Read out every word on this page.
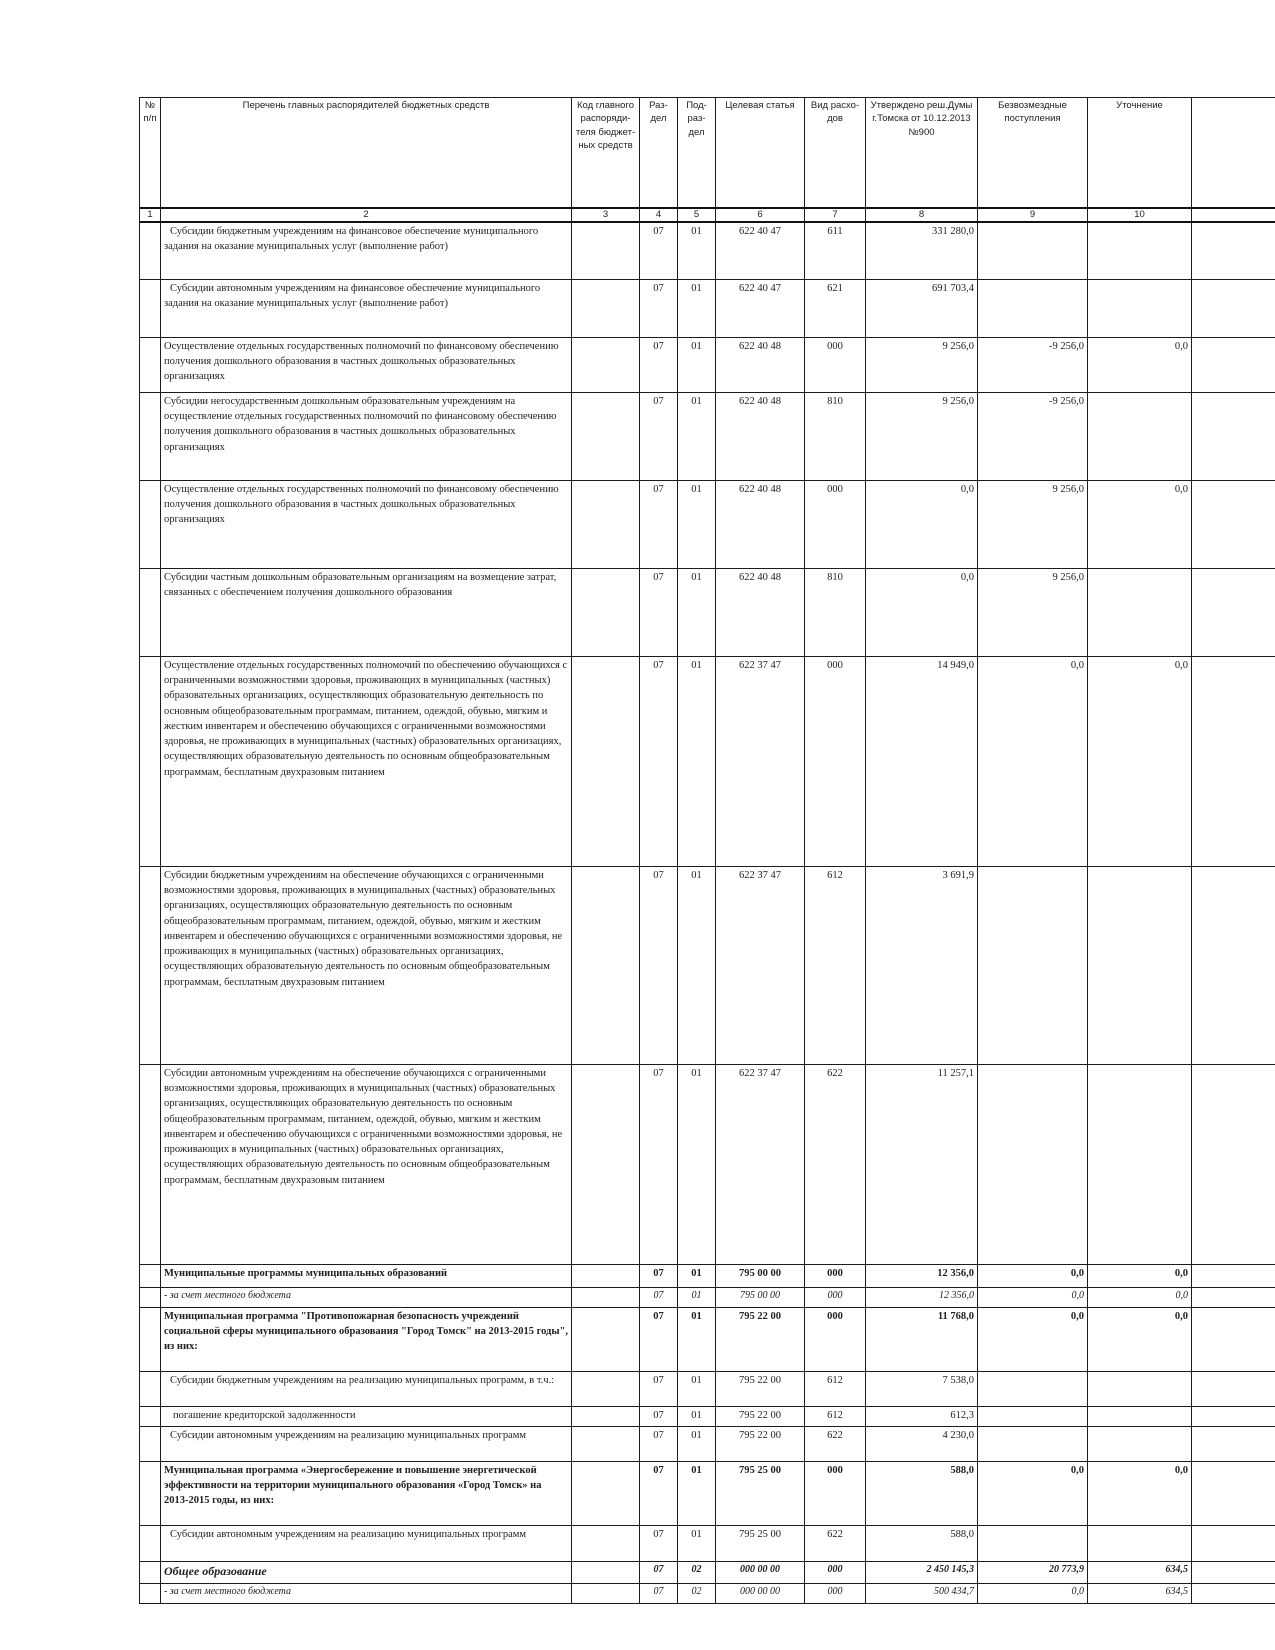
№ п/п	Перечень главных распорядителей бюджетных средств	Код главного распоряди-теля бюджет-ных средств	Раз-дел	Под-раз-дел	Целевая статья	Вид расхо-дов	Утверждено реш.Думы г.Томска от 10.12.2013 №900	Безвозмездные поступления	Уточнение	
1	2	3	4	5	6	7	8	9	10	
	Субсидии бюджетным учреждениям на финансовое обеспечение муниципального задания на оказание муниципальных услуг (выполнение работ)		07	01	622 40 47	611	331 280,0			
	Субсидии автономным учреждениям на финансовое обеспечение муниципального задания на оказание муниципальных услуг (выполнение работ)		07	01	622 40 47	621	691 703,4			
	Осуществление отдельных государственных полномочий по финансовому обеспечению получения дошкольного образования в частных дошкольных образовательных организациях		07	01	622 40 48	000	9 256,0	-9 256,0	0,0	
	Субсидии негосударственным дошкольным образовательным учреждениям на осуществление отдельных государственных полномочий по финансовому обеспечению получения дошкольного образования в частных дошкольных образовательных организациях		07	01	622 40 48	810	9 256,0	-9 256,0		
	Осуществление отдельных государственных полномочий по финансовому обеспечению получения дошкольного образования в частных дошкольных образовательных организациях		07	01	622 40 48	000	0,0	9 256,0	0,0	
	Субсидии частным дошкольным образовательным организациям на возмещение затрат, связанных с обеспечением получения дошкольного образования		07	01	622 40 48	810	0,0	9 256,0		
	Осуществление отдельных государственных полномочий по обеспечению обучающихся с ограниченными возможностями здоровья, проживающих в муниципальных (частных) образовательных организациях, осуществляющих образовательную деятельность по основным общеобразовательным программам, питанием, одеждой, обувью, мягким и жестким инвентарем и обеспечению обучающихся с ограниченными возможностями здоровья, не проживающих в муниципальных (частных) образовательных организациях, осуществляющих образовательную деятельность по основным общеобразовательным программам, бесплатным двухразовым питанием		07	01	622 37 47	000	14 949,0	0,0	0,0	
	Субсидии бюджетным учреждениям на обеспечение обучающихся с ограниченными возможностями здоровья, проживающих в муниципальных (частных) образовательных организациях, осуществляющих образовательную деятельность по основным общеобразовательным программам, питанием, одеждой, обувью, мягким и жестким инвентарем и обеспечению обучающихся с ограниченными возможностями здоровья, не проживающих в муниципальных (частных) образовательных организациях, осуществляющих образовательную деятельность по основным общеобразовательным программам, бесплатным двухразовым питанием		07	01	622 37 47	612	3 691,9			
	Субсидии автономным учреждениям на обеспечение обучающихся с ограниченными возможностями здоровья, проживающих в муниципальных (частных) образовательных организациях, осуществляющих образовательную деятельность по основным общеобразовательным программам, питанием, одеждой, обувью, мягким и жестким инвентарем и обеспечению обучающихся с ограниченными возможностями здоровья, не проживающих в муниципальных (частных) образовательных организациях, осуществляющих образовательную деятельность по основным общеобразовательным программам, бесплатным двухразовым питанием		07	01	622 37 47	622	11 257,1			
	Муниципальные программы муниципальных образований		07	01	795 00 00	000	12 356,0	0,0	0,0	
	- за счет местного бюджета		07	01	795 00 00	000	12 356,0	0,0	0,0	
	Муниципальная программа "Противопожарная безопасность учреждений социальной сферы муниципального образования "Город Томск" на 2013-2015 годы", из них:		07	01	795 22 00	000	11 768,0	0,0	0,0	
	Субсидии бюджетным учреждениям на реализацию муниципальных программ, в т.ч.:		07	01	795 22 00	612	7 538,0			
	погашение кредиторской задолженности		07	01	795 22 00	612	612,3			
	Субсидии автономным учреждениям на реализацию муниципальных программ		07	01	795 22 00	622	4 230,0			
	Муниципальная программа «Энергосбережение и повышение энергетической эффективности на территории муниципального образования «Город Томск» на 2013-2015 годы, из них:		07	01	795 25 00	000	588,0	0,0	0,0	
	Субсидии автономным учреждениям на реализацию муниципальных программ		07	01	795 25 00	622	588,0			
	Общее образование		07	02	000 00 00	000	2 450 145,3	20 773,9	634,5	
	- за счет местного бюджета		07	02	000 00 00	000	500 434,7	0,0	634,5	
